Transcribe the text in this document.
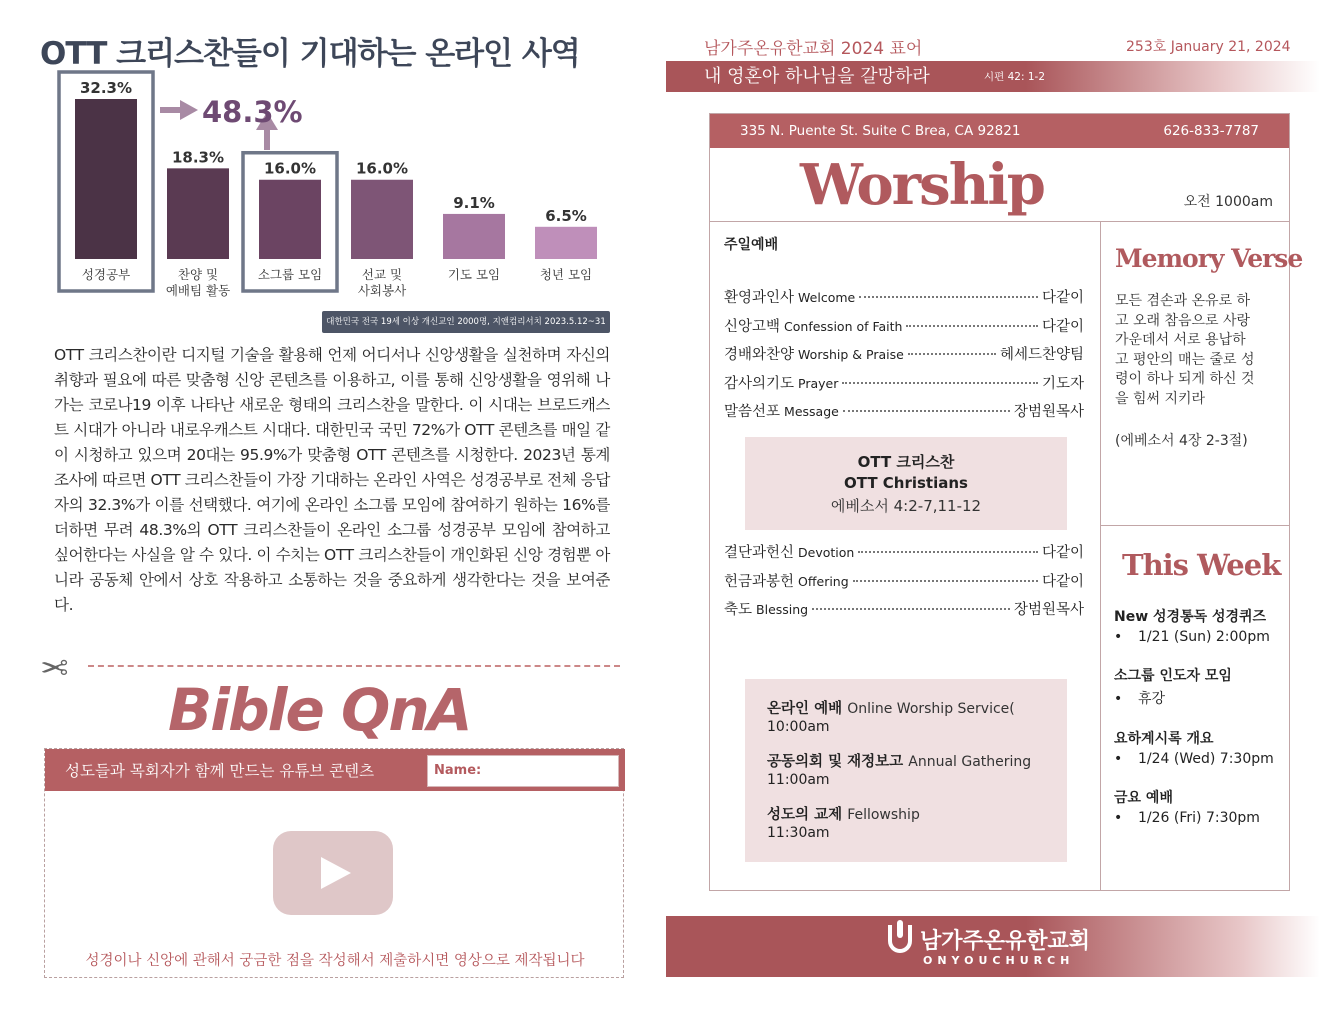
OTT 크리스찬들이 기대하는 온라인 사역
32.3%
성경공부
18.3%
찬양 및
예배팀 활동
16.0%
소그룹 모임
16.0%
선교 및
사회봉사
9.1%
기도 모임
6.5%
청년 모임
48.3%
대한민국 전국 19세 이상 개신교인 2000명, 지앤컴리서치 2023.5.12~31

OTT 크리스찬이란 디지털 기술을 활용해 언제 어디서나 신앙생활을 실천하며 자신의 취향과 필요에 따른 맞춤형 신앙 콘텐츠를 이용하고, 이를 통해 신앙생활을 영위해 나가는 코로나19 이후 나타난 새로운 형태의 크리스찬을 말한다. 이 시대는 브로드캐스트 시대가 아니라 내로우캐스트 시대다. 대한민국 국민 72%가 OTT 콘텐츠를 매일 같이 시청하고 있으며 20대는 95.9%가 맞춤형 OTT 콘텐츠를 시청한다. 2023년 통계 조사에 따르면 OTT 크리스찬들이 가장 기대하는 온라인 사역은 성경공부로 전체 응답자의 32.3%가 이를 선택했다. 여기에 온라인 소그룹 모임에 참여하기 원하는 16%를 더하면 무려 48.3%의 OTT 크리스찬들이 온라인 소그룹 성경공부 모임에 참여하고 싶어한다는 사실을 알 수 있다. 이 수치는 OTT 크리스찬들이 개인화된 신앙 경험뿐 아니라 공동체 안에서 상호 작용하고 소통하는 것을 중요하게 생각한다는 것을 보여준다.

✂
Bible QnA
성도들과 목회자가 함께 만드는 유튜브 콘텐츠	Name:
성경이나 신앙에 관해서 궁금한 점을 작성해서 제출하시면 영상으로 제작됩니다
남가주온유한교회 2024 표어	253호 January 21, 2024
내 영혼아 하나님을 갈망하라	시편 42: 1-2
335 N. Puente St. Suite C Brea, CA 92821	626-833-7787
Worship	오전 1000am
주일예배
환영과인사 Welcome	다같이
신앙고백 Confession of Faith	다같이
경배와찬양 Worship & Praise	헤세드찬양팀
감사의기도 Prayer	기도자
말씀선포 Message	장범원목사
OTT 크리스찬
OTT Christians
에베소서 4:2-7,11-12
결단과헌신 Devotion	다같이
헌금과봉헌 Offering	다같이
축도 Blessing	장범원목사
온라인 예배 Online Worship Service(
10:00am
공동의회 및 재정보고 Annual Gathering
11:00am
성도의 교제 Fellowship
11:30am
Memory Verse
모든 겸손과 온유로 하고 오래 참음으로 사랑 가운데서 서로 용납하고 평안의 매는 줄로 성령이 하나 되게 하신 것을 힘써 지키라
(에베소서 4장 2-3절)
This Week
New 성경통독 성경퀴즈
• 1/21 (Sun) 2:00pm
소그룹 인도자 모임
• 휴강
요하계시록 개요
• 1/24 (Wed) 7:30pm
금요 예배
• 1/26 (Fri) 7:30pm
남가주온유한교회
ONYOUCHURCH
